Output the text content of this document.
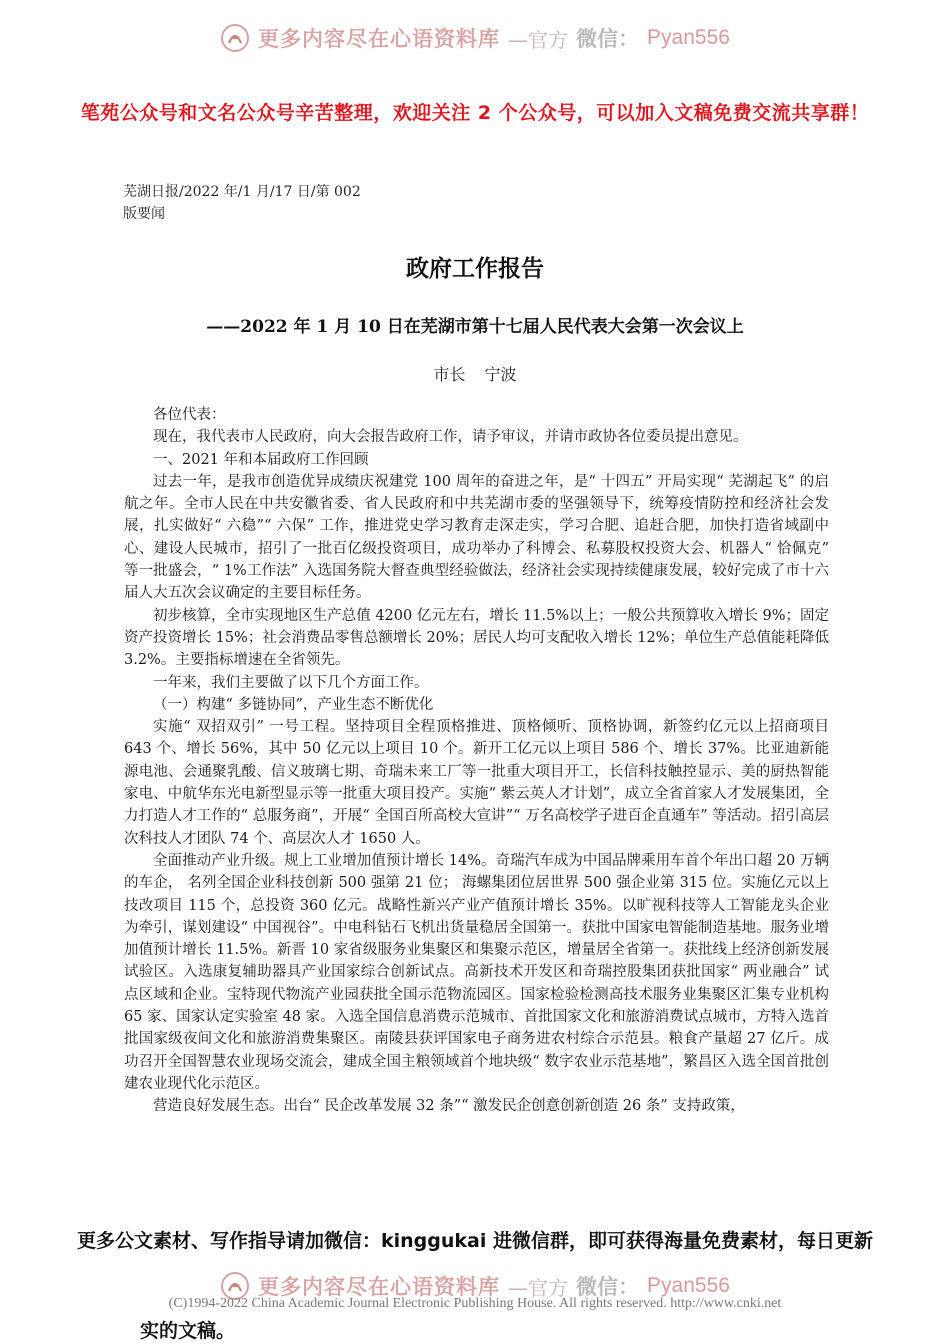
更多内容尽在心语资料库 —官方 微信： Pyan556
笔苑公众号和文名公众号辛苦整理，欢迎关注 2 个公众号，可以加入文稿免费交流共享群！
芜湖日报/2022 年/1 月/17 日/第 002
版要闻
政府工作报告
——2022 年 1 月 10 日在芜湖市第十七届人民代表大会第一次会议上
市长 宁波

各位代表：

现在，我代表市人民政府，向大会报告政府工作，请予审议，并请市政协各位委员提出意见。

一、2021 年和本届政府工作回顾

过去一年，是我市创造优异成绩庆祝建党 100 周年的奋进之年，是“ 十四五” 开局实现“ 芜湖起飞” 的启航之年。全市人民在中共安徽省委、省人民政府和中共芜湖市委的坚强领导下，统筹疫情防控和经济社会发展，扎实做好“ 六稳”“ 六保” 工作，推进党史学习教育走深走实，学习合肥、追赶合肥，加快打造省域副中心、建设人民城市，招引了一批百亿级投资项目，成功举办了科博会、私募股权投资大会、机器人“ 恰佩克” 等一批盛会，“ 1%工作法” 入选国务院大督查典型经验做法，经济社会实现持续健康发展，较好完成了市十六届人大五次会议确定的主要目标任务。

初步核算，全市实现地区生产总值 4200 亿元左右，增长 11.5%以上；一般公共预算收入增长 9%；固定资产投资增长 15%；社会消费品零售总额增长 20%；居民人均可支配收入增长 12%；单位生产总值能耗降低 3.2%。主要指标增速在全省领先。

一年来，我们主要做了以下几个方面工作。

（一）构建“ 多链协同”，产业生态不断优化

实施“ 双招双引” 一号工程。坚持项目全程顶格推进、顶格倾听、顶格协调，新签约亿元以上招商项目 643 个、增长 56%，其中 50 亿元以上项目 10 个。新开工亿元以上项目 586 个、增长 37%。比亚迪新能源电池、会通聚乳酸、信义玻璃七期、奇瑞未来工厂等一批重大项目开工，长信科技触控显示、美的厨热智能家电、中航华东光电新型显示等一批重大项目投产。实施“ 紫云英人才计划”，成立全省首家人才发展集团，全力打造人才工作的“ 总服务商”，开展“ 全国百所高校大宣讲”“ 万名高校学子进百企直通车” 等活动。招引高层次科技人才团队 74 个、高层次人才 1650 人。

全面推动产业升级。规上工业增加值预计增长 14%。奇瑞汽车成为中国品牌乘用车首个年出口超 20 万辆的车企， 名列全国企业科技创新 500 强第 21 位； 海螺集团位居世界 500 强企业第 315 位。实施亿元以上技改项目 115 个，总投资 360 亿元。战略性新兴产业产值预计增长 35%。以旷视科技等人工智能龙头企业为牵引，谋划建设“ 中国视谷”。中电科钻石飞机出货量稳居全国第一。获批中国家电智能制造基地。服务业增加值预计增长 11.5%。新晋 10 家省级服务业集聚区和集聚示范区，增量居全省第一。获批线上经济创新发展试验区。入选康复辅助器具产业国家综合创新试点。高新技术开发区和奇瑞控股集团获批国家“ 两业融合” 试点区域和企业。宝特现代物流产业园获批全国示范物流园区。国家检验检测高技术服务业集聚区汇集专业机构 65 家、国家认定实验室 48 家。入选全国信息消费示范城市、首批国家文化和旅游消费试点城市，方特入选首批国家级夜间文化和旅游消费集聚区。南陵县获评国家电子商务进农村综合示范县。粮食产量超 27 亿斤。成功召开全国智慧农业现场交流会，建成全国主粮领域首个地块级“ 数字农业示范基地”，繁昌区入选全国首批创建农业现代化示范区。

营造良好发展生态。出台“ 民企改革发展 32 条”“ 激发民企创意创新创造 26 条” 支持政策，

实的文稿。
更多公文素材、写作指导请加微信：kinggukai 进微信群，即可获得海量免费素材，每日更新
更多内容尽在心语资料库 —官方 微信： Pyan556
(C)1994-2022 China Academic Journal Electronic Publishing House. All rights reserved. http://www.cnki.net
